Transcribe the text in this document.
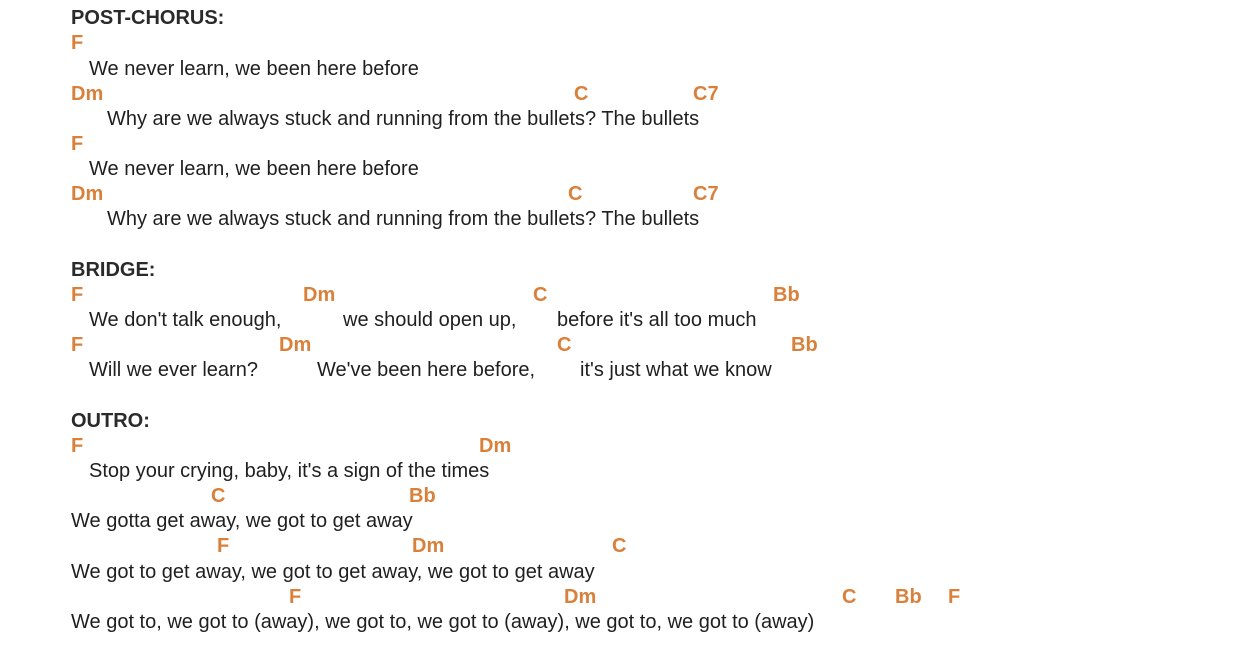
POST-CHORUS:
F
We never learn, we been here before
Dm	C	C7
Why are we always stuck and running from the bullets? The bullets
F
We never learn, we been here before
Dm	C	C7
Why are we always stuck and running from the bullets? The bullets
BRIDGE:
F	Dm	C	Bb
We don't talk enough,	we should open up, before it's all too much
F	Dm	C	Bb
Will we ever learn?	We've been here before, it's just what we know
OUTRO:
F	Dm
Stop your crying, baby, it's a sign of the times
C	Bb
We gotta get away, we got to get away
F	Dm	C
We got to get away, we got to get away, we got to get away
F	Dm	C Bb F
We got to, we got to (away), we got to, we got to (away), we got to, we got to (away)
